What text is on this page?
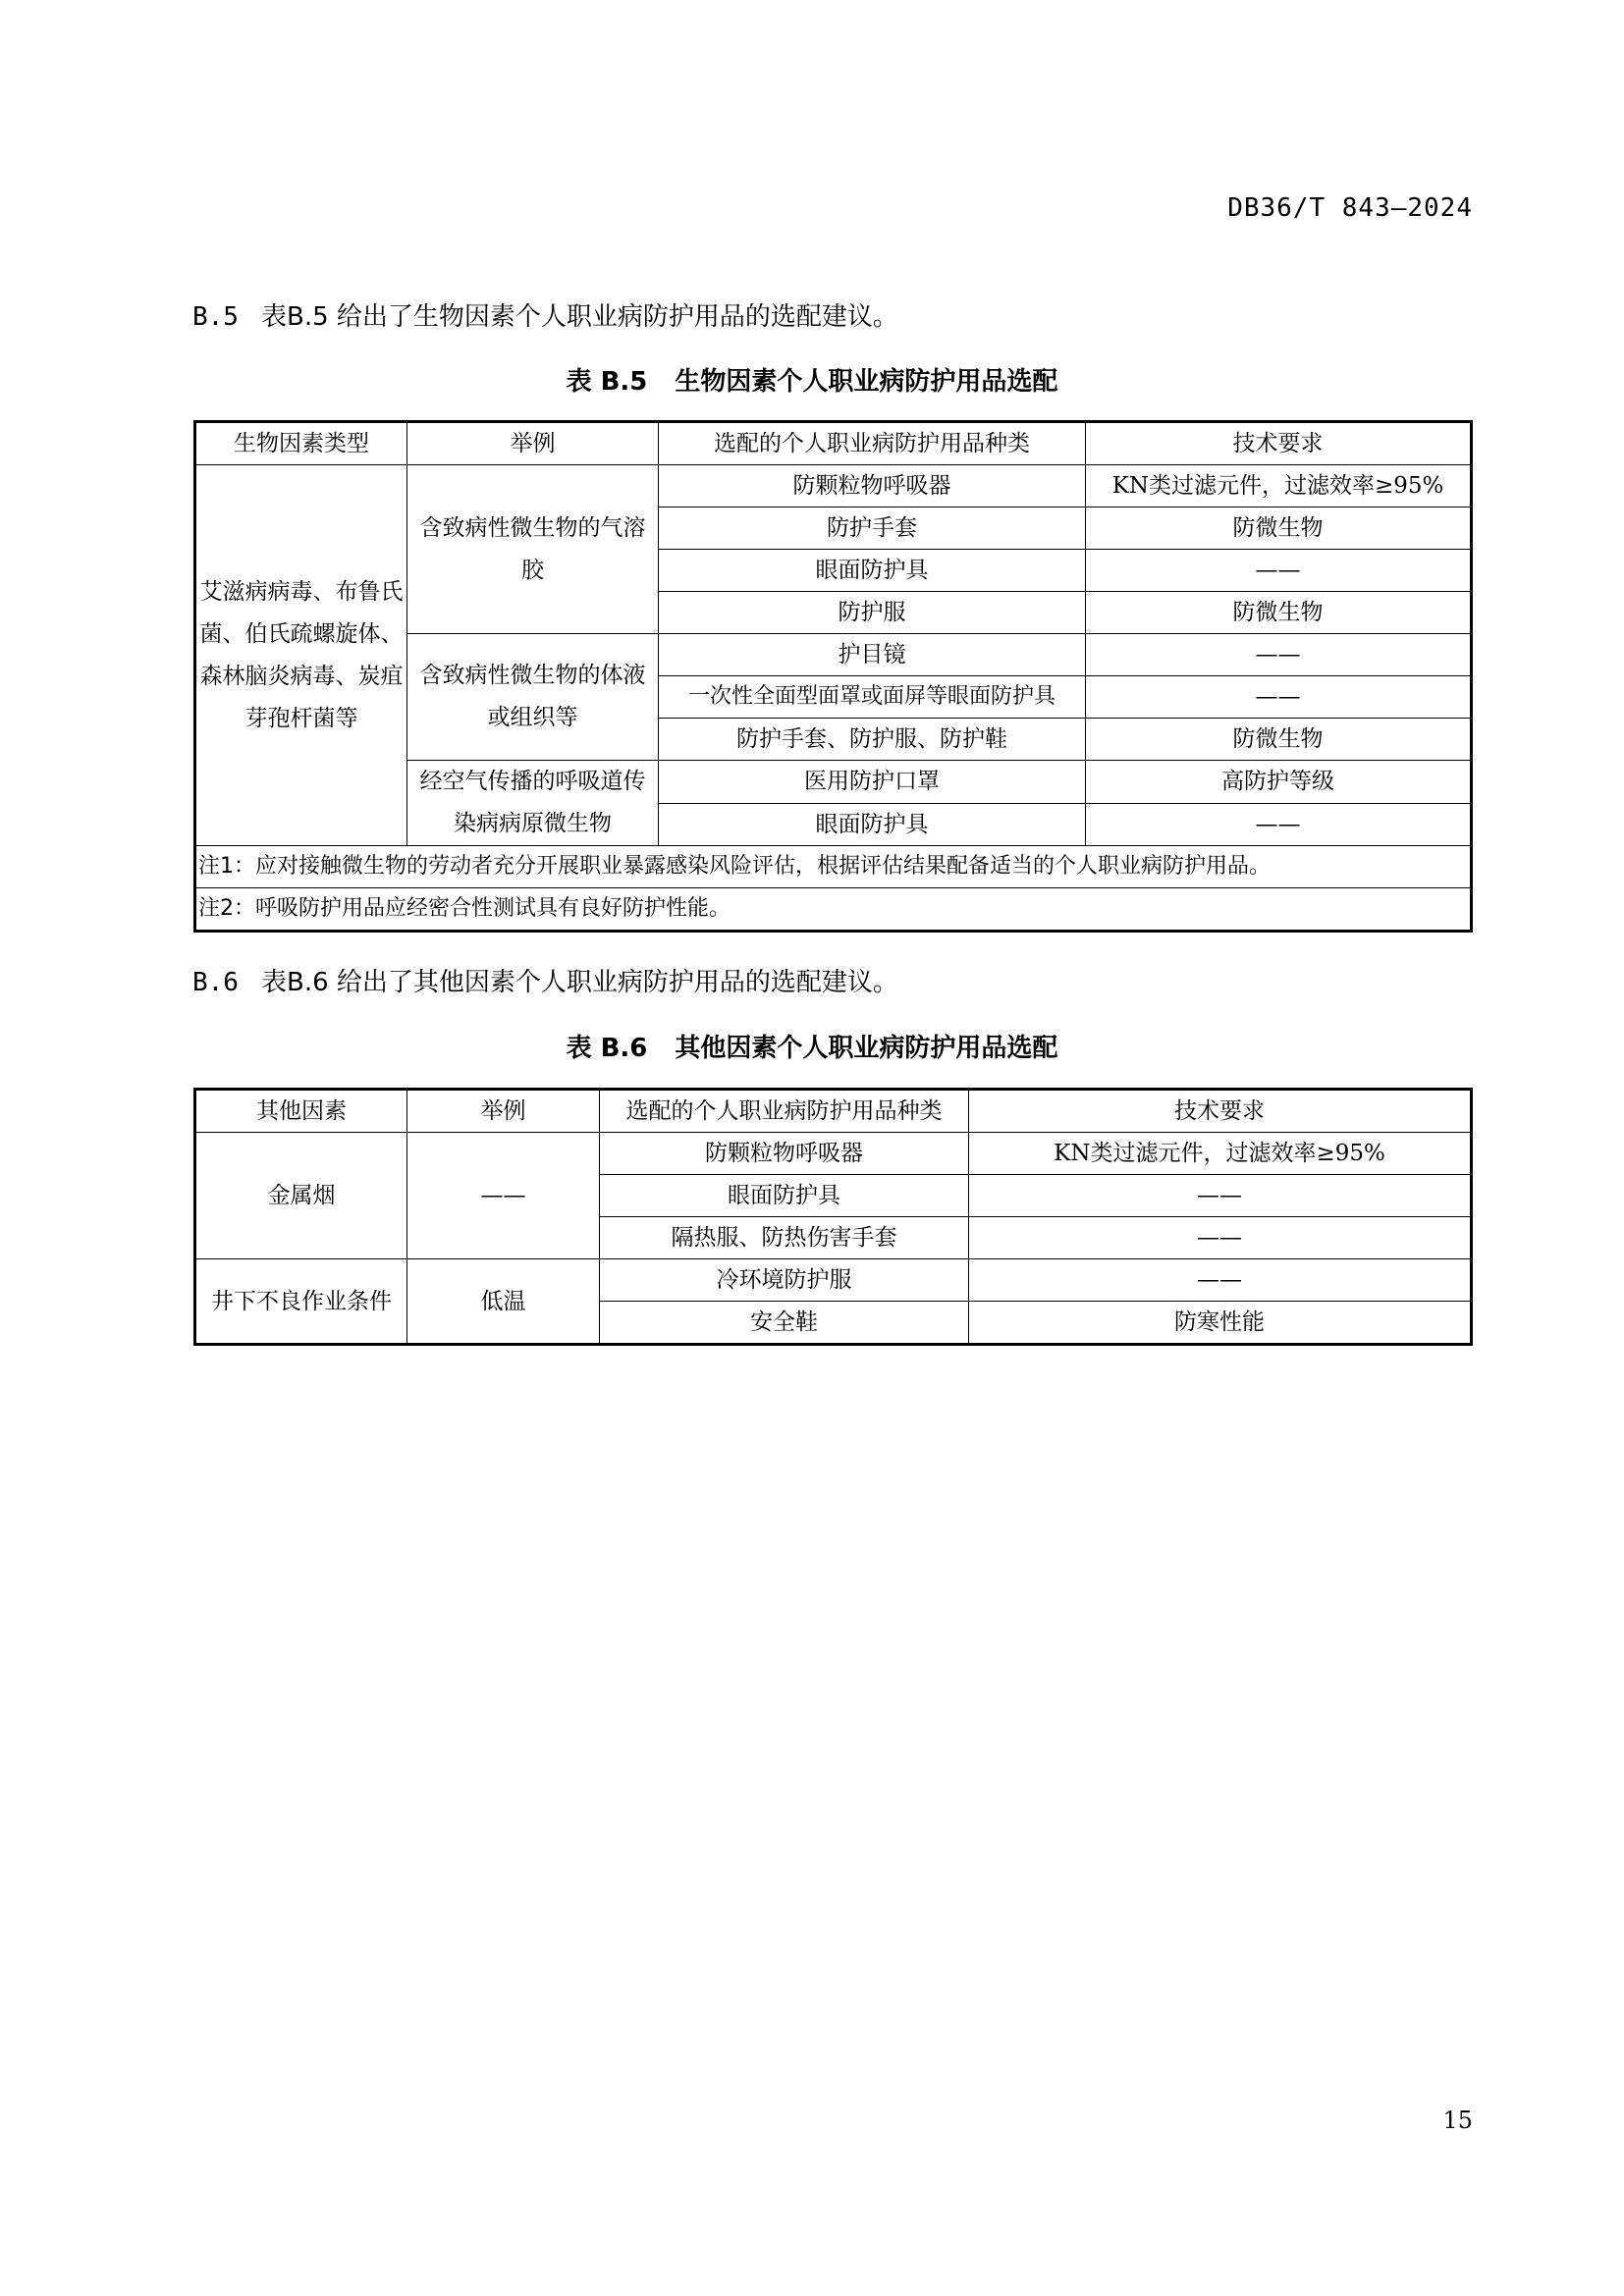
DB36/T 843—2024
B.5 表B.5 给出了生物因素个人职业病防护用品的选配建议。
表 B.5 生物因素个人职业病防护用品选配
生物因素类型	举例	选配的个人职业病防护用品种类	技术要求
艾滋病病毒、布鲁氏菌、伯氏疏螺旋体、森林脑炎病毒、炭疽芽孢杆菌等	含致病性微生物的气溶胶	防颗粒物呼吸器	KN类过滤元件，过滤效率≥95%
		防护手套	防微生物
		眼面防护具	——
		防护服	防微生物
	含致病性微生物的体液或组织等	护目镜	——
		一次性全面型面罩或面屏等眼面防护具	——
		防护手套、防护服、防护鞋	防微生物
	经空气传播的呼吸道传染病病原微生物	医用防护口罩	高防护等级
		眼面防护具	——
注1：应对接触微生物的劳动者充分开展职业暴露感染风险评估，根据评估结果配备适当的个人职业病防护用品。			
注2：呼吸防护用品应经密合性测试具有良好防护性能。			
B.6 表B.6 给出了其他因素个人职业病防护用品的选配建议。
表 B.6 其他因素个人职业病防护用品选配
其他因素	举例	选配的个人职业病防护用品种类	技术要求
金属烟	——	防颗粒物呼吸器	KN类过滤元件，过滤效率≥95%
		眼面防护具	——
		隔热服、防热伤害手套	——
井下不良作业条件	低温	冷环境防护服	——
		安全鞋	防寒性能
15
